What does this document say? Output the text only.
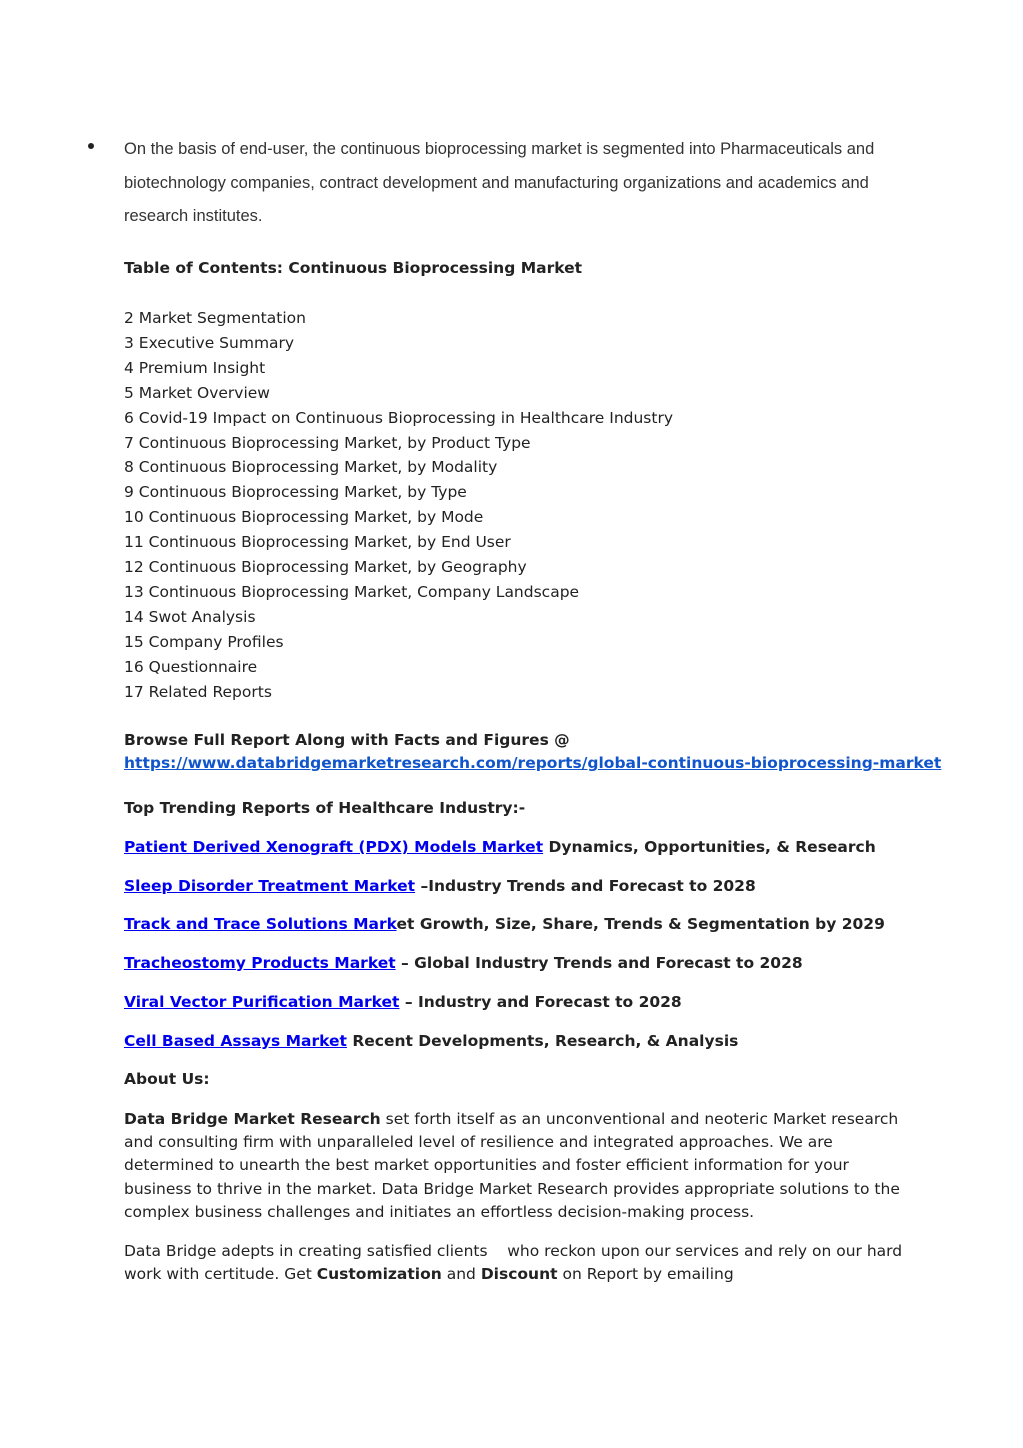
On the basis of end-user, the continuous bioprocessing market is segmented into Pharmaceuticals and biotechnology companies, contract development and manufacturing organizations and academics and research institutes.
Table of Contents: Continuous Bioprocessing Market
2 Market Segmentation
3 Executive Summary
4 Premium Insight
5 Market Overview
6 Covid-19 Impact on Continuous Bioprocessing in Healthcare Industry
7 Continuous Bioprocessing Market, by Product Type
8 Continuous Bioprocessing Market, by Modality
9 Continuous Bioprocessing Market, by Type
10 Continuous Bioprocessing Market, by Mode
11 Continuous Bioprocessing Market, by End User
12 Continuous Bioprocessing Market, by Geography
13 Continuous Bioprocessing Market, Company Landscape
14 Swot Analysis
15 Company Profiles
16 Questionnaire
17 Related Reports
Browse Full Report Along with Facts and Figures @
https://www.databridgemarketresearch.com/reports/global-continuous-bioprocessing-market
Top Trending Reports of Healthcare Industry:-
Patient Derived Xenograft (PDX) Models Market Dynamics, Opportunities, & Research
Sleep Disorder Treatment Market –Industry Trends and Forecast to 2028
Track and Trace Solutions Market Growth, Size, Share, Trends & Segmentation by 2029
Tracheostomy Products Market – Global Industry Trends and Forecast to 2028
Viral Vector Purification Market – Industry and Forecast to 2028
Cell Based Assays Market Recent Developments, Research, & Analysis
About Us:

Data Bridge Market Research set forth itself as an unconventional and neoteric Market research and consulting firm with unparalleled level of resilience and integrated approaches. We are determined to unearth the best market opportunities and foster efficient information for your business to thrive in the market. Data Bridge Market Research provides appropriate solutions to the complex business challenges and initiates an effortless decision-making process.

Data Bridge adepts in creating satisfied clients    who reckon upon our services and rely on our hard work with certitude. Get Customization and Discount on Report by emailing
